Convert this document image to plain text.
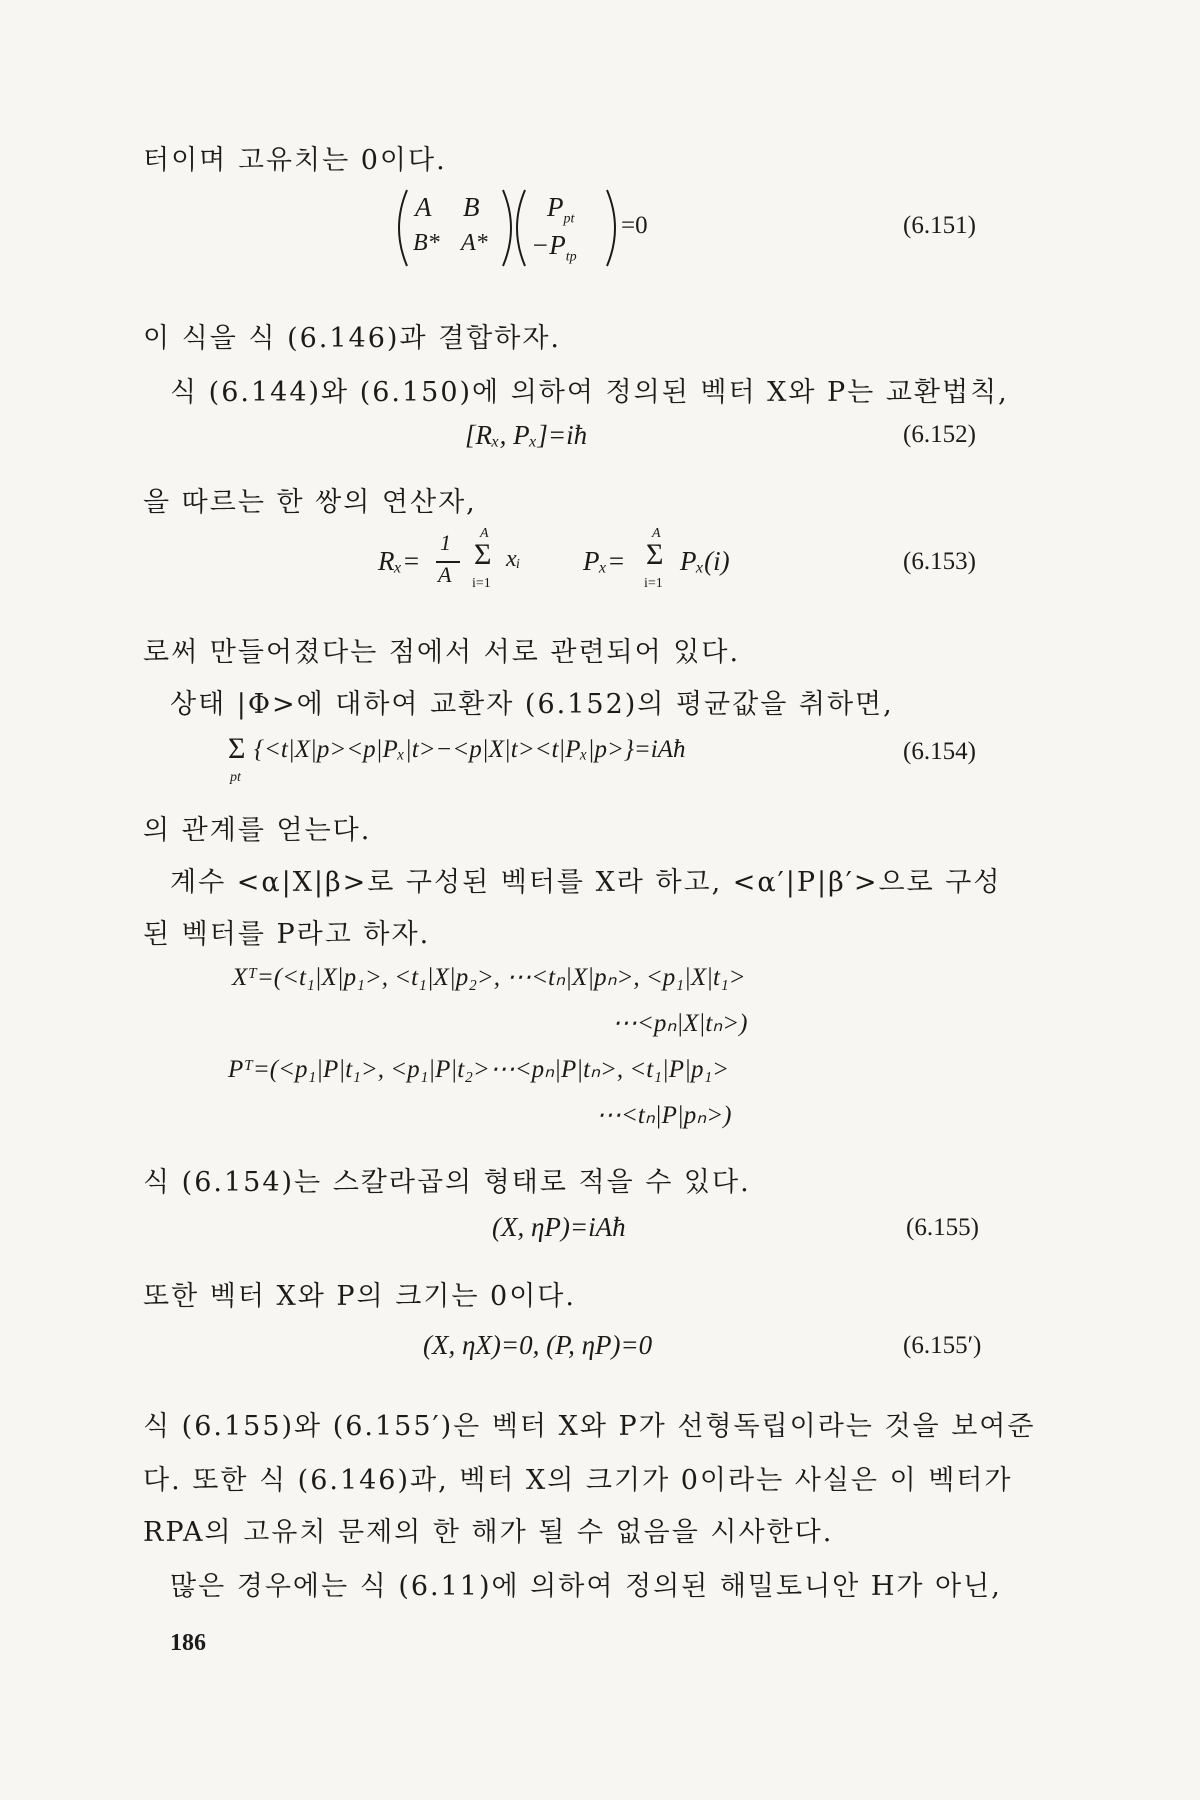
터이며 고유치는 0이다.
A B
B* A*
$P_{pt}$
$-P_{tp}$
=0	(6.151)
이 식을 식 (6.146)과 결합하자.
식 (6.144)와 (6.150)에 의하여 정의된 벡터 X와 P는 교환법칙,
[Rₓ, Pₓ]=iħ	(6.152)
을 따르는 한 쌍의 연산자,
Rₓ=
1
A
A
Σ
i=1
xᵢ Pₓ=
A
Σ
i=1
Pₓ(i)	(6.153)
로써 만들어졌다는 점에서 서로 관련되어 있다.
상태 |Φ>에 대하여 교환자 (6.152)의 평균값을 취하면,
Σ
pt
{<t|X|p><p|Pₓ|t>−<p|X|t><t|Pₓ|p>}=iAħ	(6.154)
의 관계를 얻는다.
계수 <α|X|β>로 구성된 벡터를 X라 하고, <α′|P|β′>으로 구성
된 벡터를 P라고 하자.
Xᵀ=(<t₁|X|p₁>, <t₁|X|p₂>, ⋯<tₙ|X|pₙ>, <p₁|X|t₁>
⋯<pₙ|X|tₙ>)
Pᵀ=(<p₁|P|t₁>, <p₁|P|t₂>⋯<pₙ|P|tₙ>, <t₁|P|p₁>
⋯<tₙ|P|pₙ>)
식 (6.154)는 스칼라곱의 형태로 적을 수 있다.
(X, ηP)=iAħ	(6.155)
또한 벡터 X와 P의 크기는 0이다.
(X, ηX)=0, (P, ηP)=0	(6.155′)
식 (6.155)와 (6.155′)은 벡터 X와 P가 선형독립이라는 것을 보여준
다. 또한 식 (6.146)과, 벡터 X의 크기가 0이라는 사실은 이 벡터가
RPA의 고유치 문제의 한 해가 될 수 없음을 시사한다.
많은 경우에는 식 (6.11)에 의하여 정의된 해밀토니안 H가 아닌,
186
